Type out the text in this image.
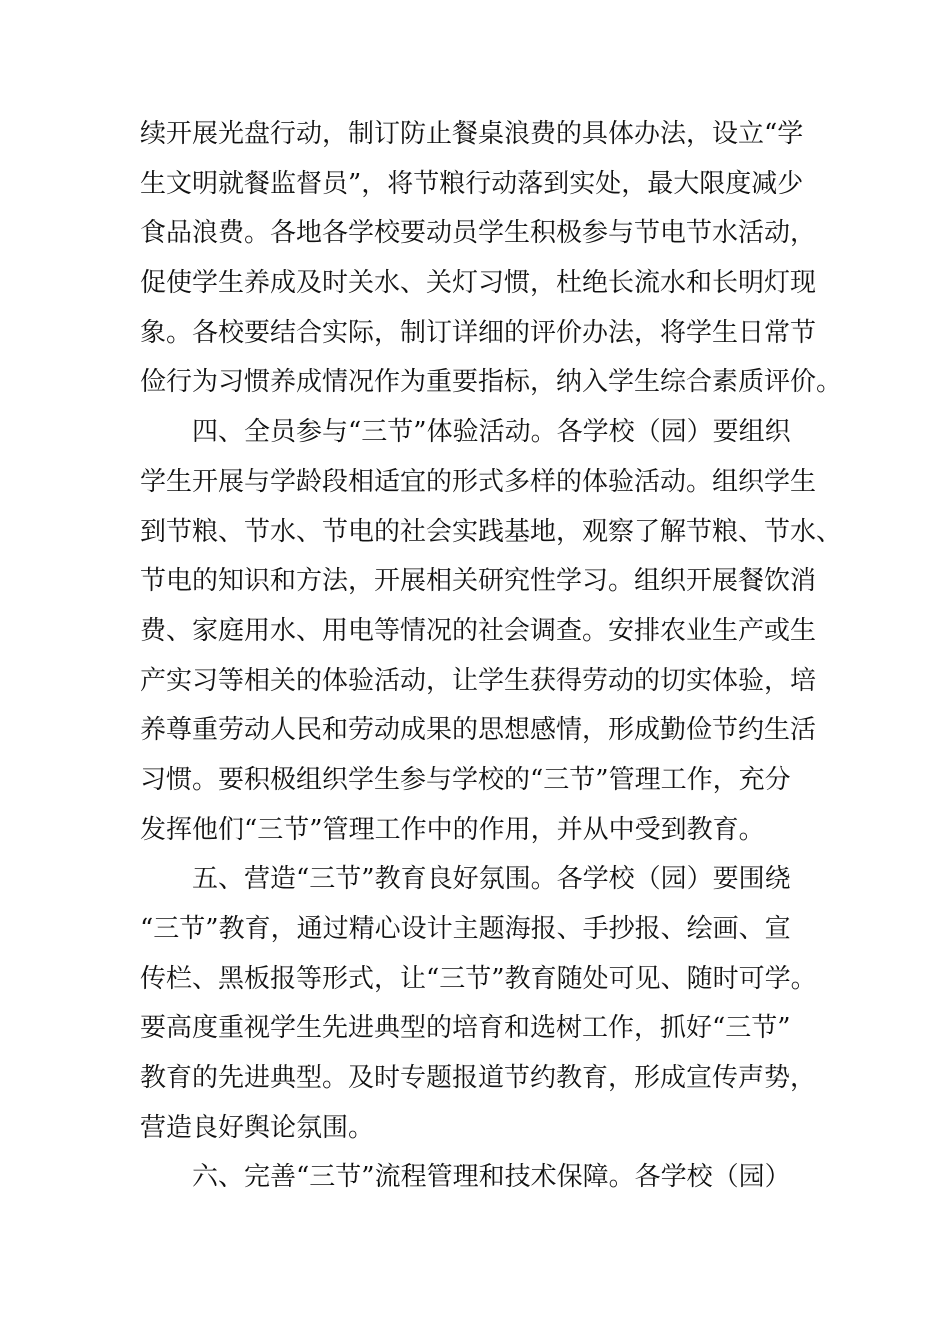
续开展光盘行动，制订防止餐桌浪费的具体办法，设立“学
生文明就餐监督员”，将节粮行动落到实处，最大限度减少
食品浪费。各地各学校要动员学生积极参与节电节水活动，
促使学生养成及时关水、关灯习惯，杜绝长流水和长明灯现
象。各校要结合实际，制订详细的评价办法，将学生日常节
俭行为习惯养成情况作为重要指标，纳入学生综合素质评价。
四、全员参与“三节”体验活动。各学校（园）要组织
学生开展与学龄段相适宜的形式多样的体验活动。组织学生
到节粮、节水、节电的社会实践基地，观察了解节粮、节水、
节电的知识和方法，开展相关研究性学习。组织开展餐饮消
费、家庭用水、用电等情况的社会调查。安排农业生产或生
产实习等相关的体验活动，让学生获得劳动的切实体验，培
养尊重劳动人民和劳动成果的思想感情，形成勤俭节约生活
习惯。要积极组织学生参与学校的“三节”管理工作，充分
发挥他们“三节”管理工作中的作用，并从中受到教育。
五、营造“三节”教育良好氛围。各学校（园）要围绕
“三节”教育，通过精心设计主题海报、手抄报、绘画、宣
传栏、黑板报等形式，让“三节”教育随处可见、随时可学。
要高度重视学生先进典型的培育和选树工作，抓好“三节”
教育的先进典型。及时专题报道节约教育，形成宣传声势，
营造良好舆论氛围。
六、完善“三节”流程管理和技术保障。各学校（园）
